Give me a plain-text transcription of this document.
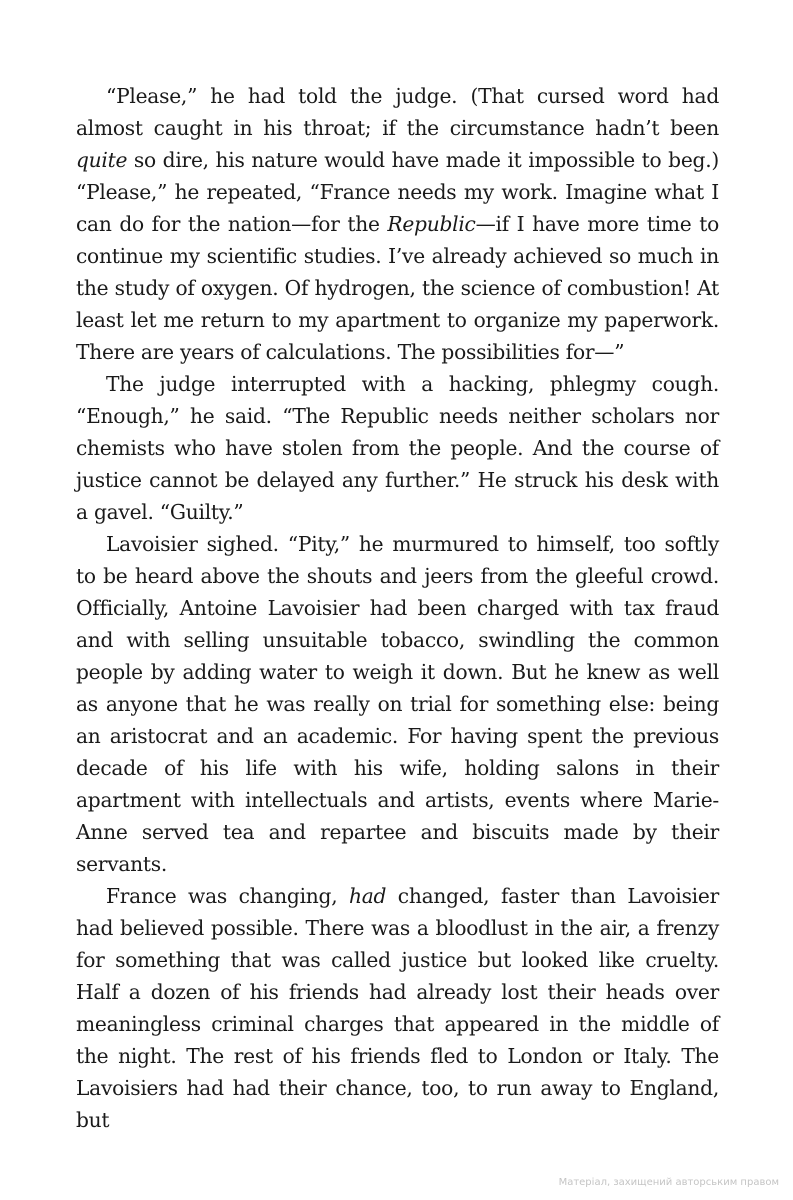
“Please,” he had told the judge. (That cursed word had almost caught in his throat; if the circumstance hadn’t been quite so dire, his nature would have made it impossible to beg.) “Please,” he repeated, “France needs my work. Imagine what I can do for the nation—for the Republic—if I have more time to continue my scientific studies. I’ve already achieved so much in the study of oxygen. Of hydrogen, the science of combustion! At least let me return to my apartment to organize my paperwork. There are years of calculations. The possibilities for—”

The judge interrupted with a hacking, phlegmy cough. “Enough,” he said. “The Republic needs neither scholars nor chemists who have stolen from the people. And the course of justice cannot be delayed any further.” He struck his desk with a gavel. “Guilty.”

Lavoisier sighed. “Pity,” he murmured to himself, too softly to be heard above the shouts and jeers from the gleeful crowd. Officially, Antoine Lavoisier had been charged with tax fraud and with selling unsuitable tobacco, swindling the common people by adding water to weigh it down. But he knew as well as anyone that he was really on trial for something else: being an aristocrat and an academic. For having spent the previous decade of his life with his wife, holding salons in their apartment with intellectuals and artists, events where Marie-Anne served tea and repartee and biscuits made by their servants.

France was changing, had changed, faster than Lavoisier had believed possible. There was a bloodlust in the air, a frenzy for something that was called justice but looked like cruelty. Half a dozen of his friends had already lost their heads over meaningless criminal charges that appeared in the middle of the night. The rest of his friends fled to London or Italy. The Lavoisiers had had their chance, too, to run away to England, but

Матеріал, захищений авторським правом
